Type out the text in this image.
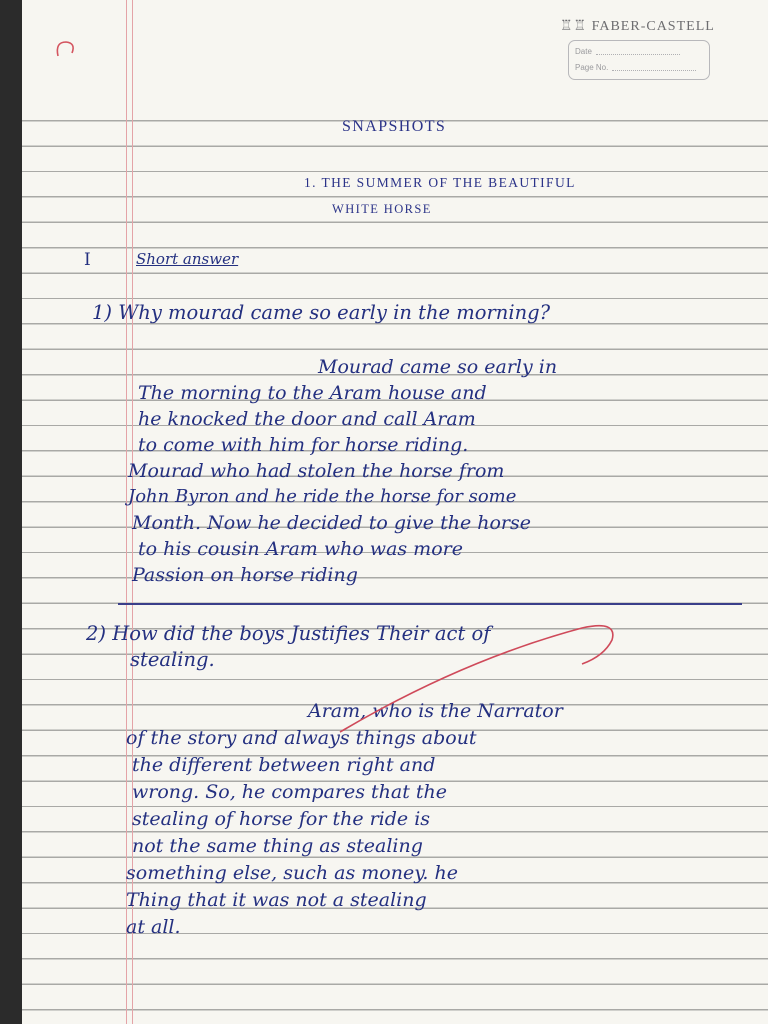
♖♖ FABER-CASTELL
Date
Page No.
SNAPSHOTS
1. THE SUMMER OF THE BEAUTIFUL
WHITE HORSE
I	Short answer
1) Why mourad came so early in the morning?
Mourad came so early in
The morning to the Aram house and
he knocked the door and call Aram
to come with him for horse riding.
Mourad who had stolen the horse from
John Byron and he ride the horse for some
Month. Now he decided to give the horse
to his cousin Aram who was more
Passion on horse riding
2) How did the boys Justifies Their act of
stealing.
Aram, who is the Narrator
of the story and always things about
the different between right and
wrong. So, he compares that the
stealing of horse for the ride is
not the same thing as stealing
something else, such as money. he
Thing that it was not a stealing
at all.
